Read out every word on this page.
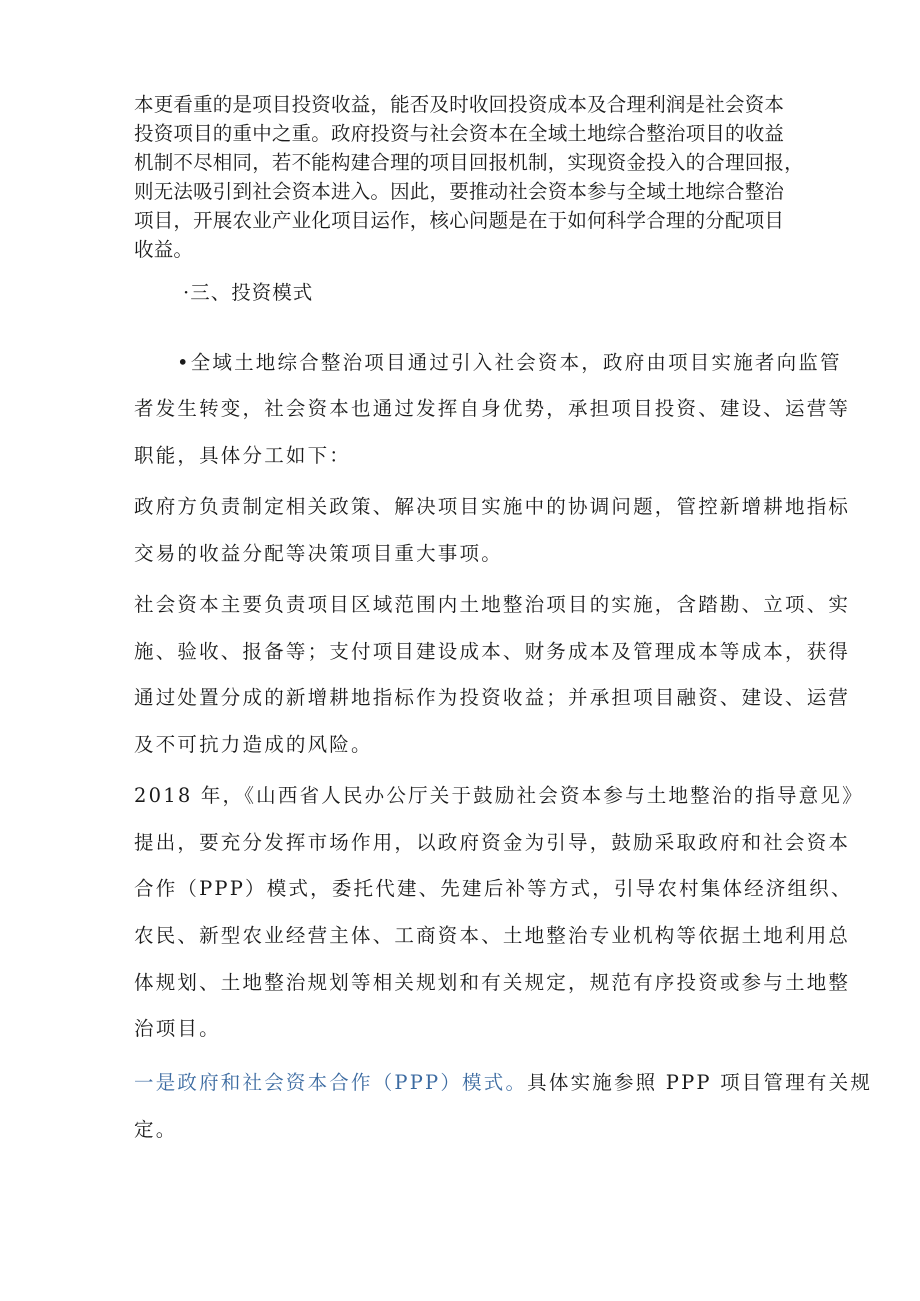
本更看重的是项目投资收益，能否及时收回投资成本及合理利润是社会资本
投资项目的重中之重。政府投资与社会资本在全域土地综合整治项目的收益
机制不尽相同，若不能构建合理的项目回报机制，实现资金投入的合理回报，
则无法吸引到社会资本进入。因此，要推动社会资本参与全域土地综合整治
项目，开展农业产业化项目运作，核心问题是在于如何科学合理的分配项目
收益。
·三、投资模式
•全域土地综合整治项目通过引入社会资本，政府由项目实施者向监管
者发生转变，社会资本也通过发挥自身优势，承担项目投资、建设、运营等
职能，具体分工如下：
政府方负责制定相关政策、解决项目实施中的协调问题，管控新增耕地指标
交易的收益分配等决策项目重大事项。
社会资本主要负责项目区域范围内土地整治项目的实施，含踏勘、立项、实
施、验收、报备等；支付项目建设成本、财务成本及管理成本等成本，获得
通过处置分成的新增耕地指标作为投资收益；并承担项目融资、建设、运营
及不可抗力造成的风险。
2018 年，《山西省人民办公厅关于鼓励社会资本参与土地整治的指导意见》
提出，要充分发挥市场作用，以政府资金为引导，鼓励采取政府和社会资本
合作（PPP）模式，委托代建、先建后补等方式，引导农村集体经济组织、
农民、新型农业经营主体、工商资本、土地整治专业机构等依据土地利用总
体规划、土地整治规划等相关规划和有关规定，规范有序投资或参与土地整
治项目。
一是政府和社会资本合作（PPP）模式。具体实施参照 PPP 项目管理有关规
定。
